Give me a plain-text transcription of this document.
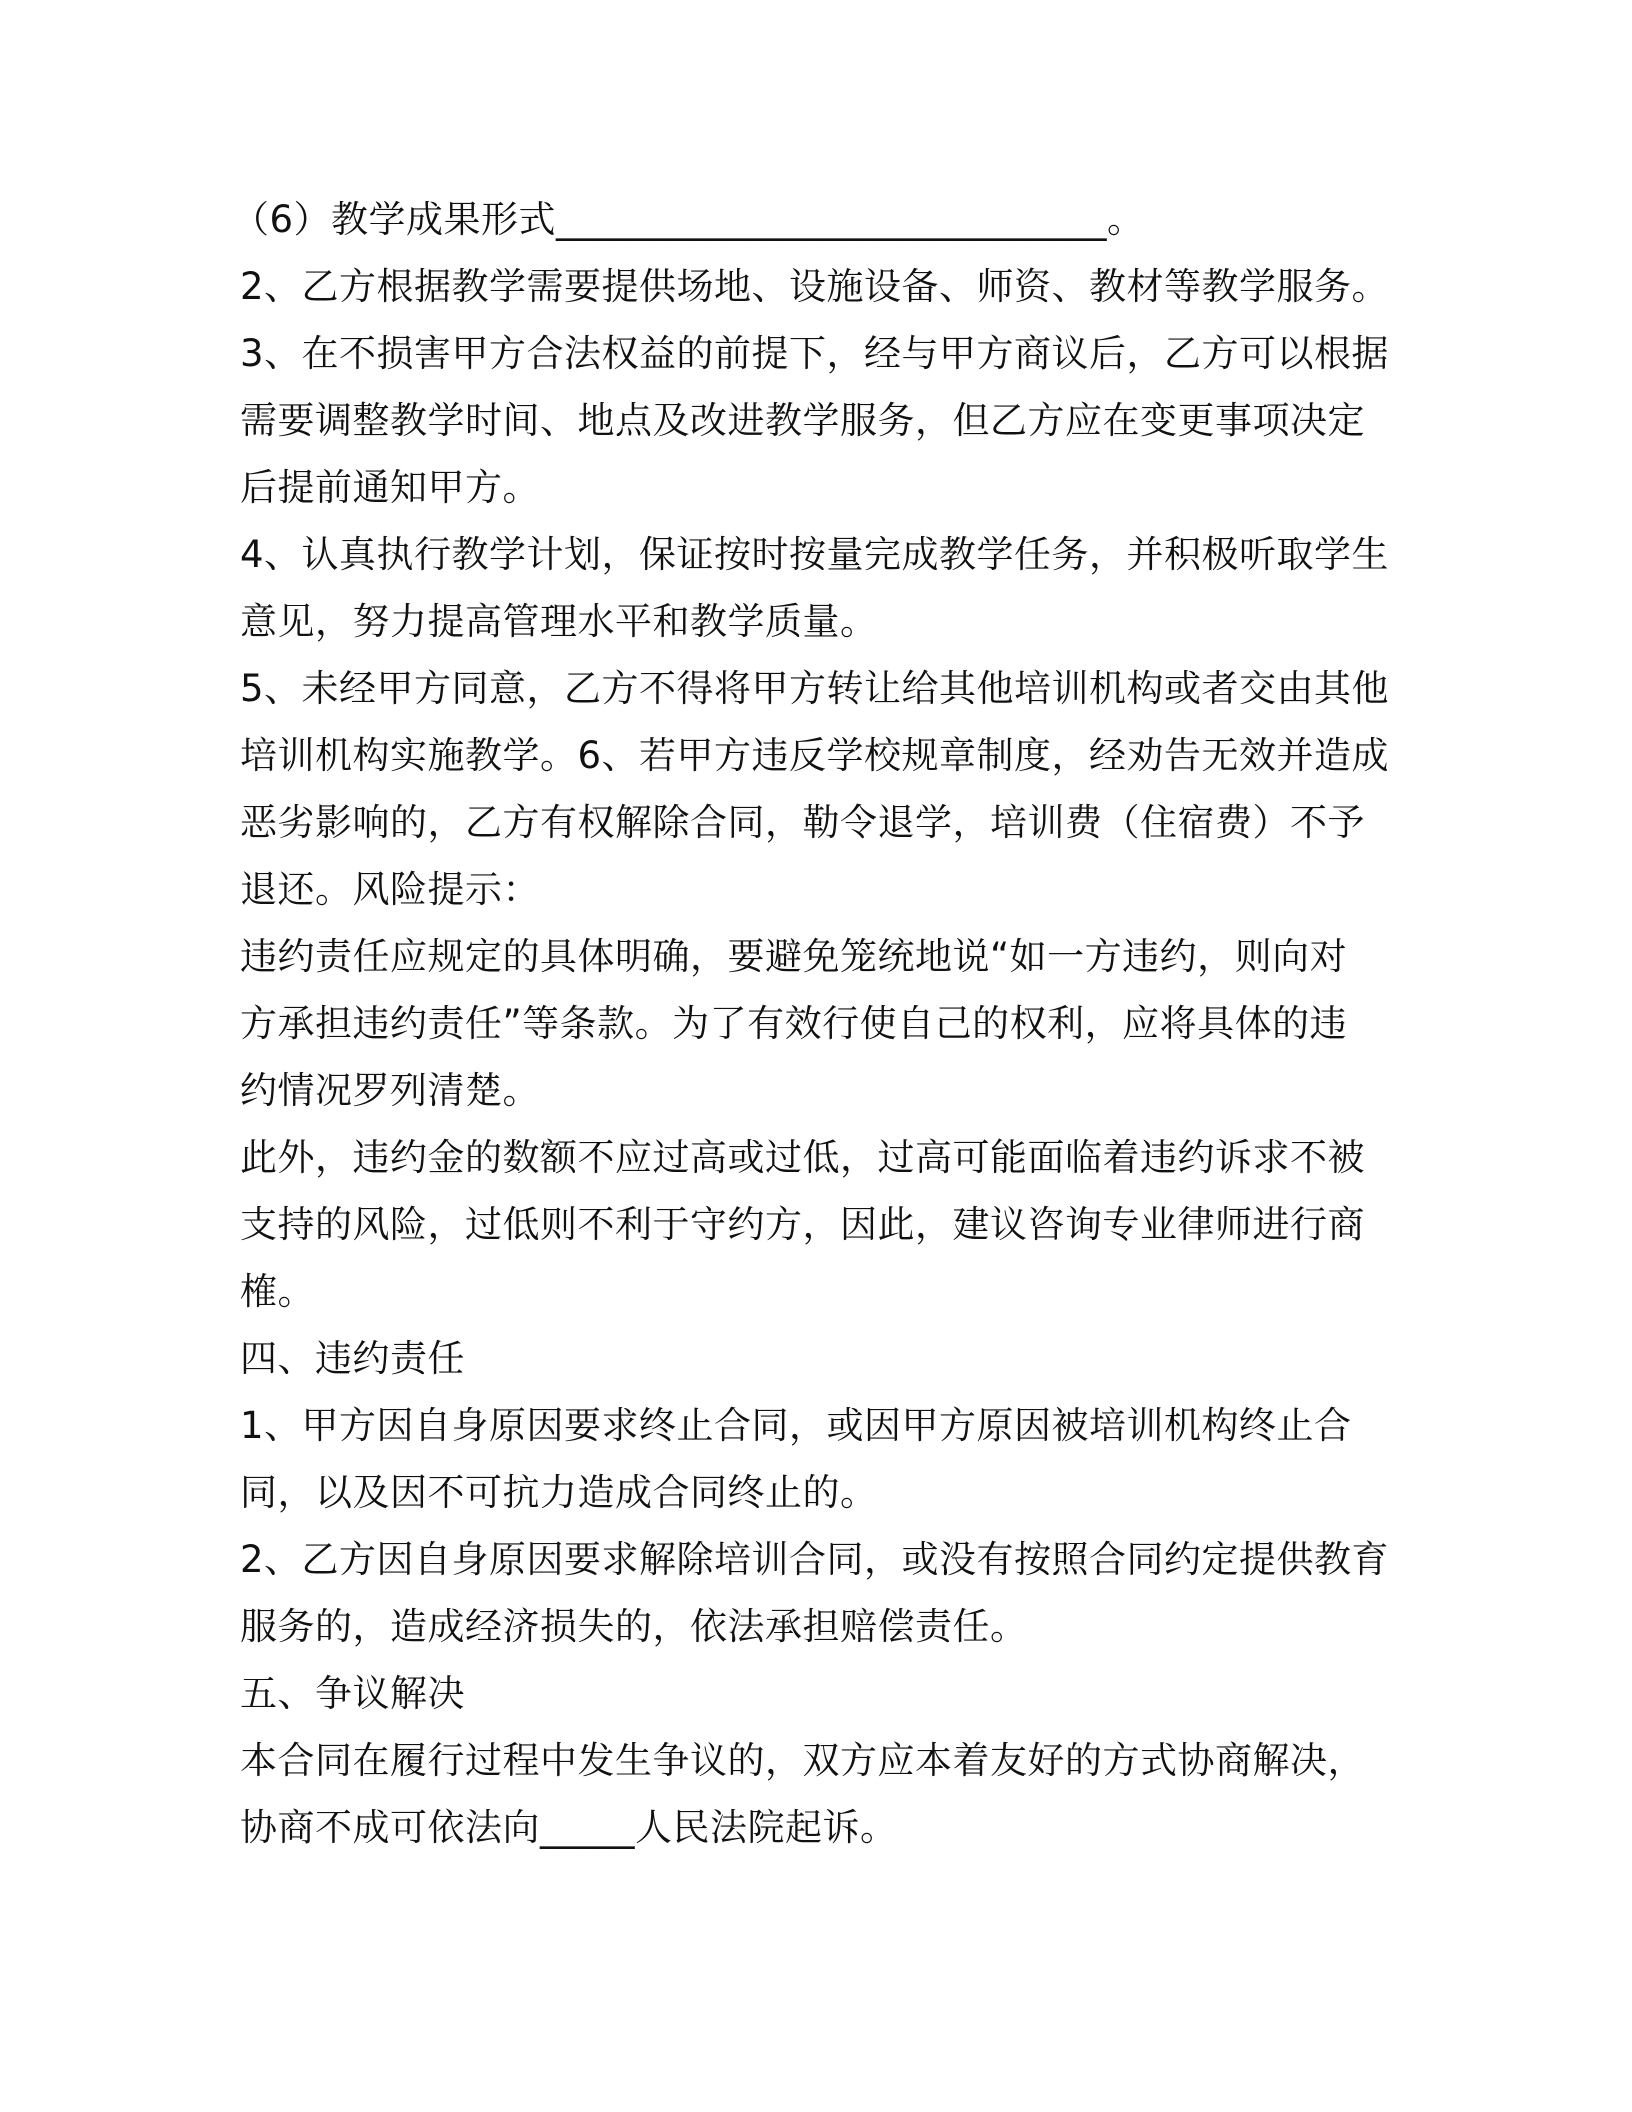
（6）教学成果形式_____________________________。
2、乙方根据教学需要提供场地、设施设备、师资、教材等教学服务。
3、在不损害甲方合法权益的前提下，经与甲方商议后，乙方可以根据
需要调整教学时间、地点及改进教学服务，但乙方应在变更事项决定
后提前通知甲方。
4、认真执行教学计划，保证按时按量完成教学任务，并积极听取学生
意见，努力提高管理水平和教学质量。
5、未经甲方同意，乙方不得将甲方转让给其他培训机构或者交由其他
培训机构实施教学。6、若甲方违反学校规章制度，经劝告无效并造成
恶劣影响的，乙方有权解除合同，勒令退学，培训费（住宿费）不予
退还。风险提示：
违约责任应规定的具体明确，要避免笼统地说“如一方违约，则向对
方承担违约责任”等条款。为了有效行使自己的权利，应将具体的违
约情况罗列清楚。
此外，违约金的数额不应过高或过低，过高可能面临着违约诉求不被
支持的风险，过低则不利于守约方，因此，建议咨询专业律师进行商
榷。
四、违约责任
1、甲方因自身原因要求终止合同，或因甲方原因被培训机构终止合
同，以及因不可抗力造成合同终止的。
2、乙方因自身原因要求解除培训合同，或没有按照合同约定提供教育
服务的，造成经济损失的，依法承担赔偿责任。
五、争议解决
本合同在履行过程中发生争议的，双方应本着友好的方式协商解决，
协商不成可依法向_____人民法院起诉。
